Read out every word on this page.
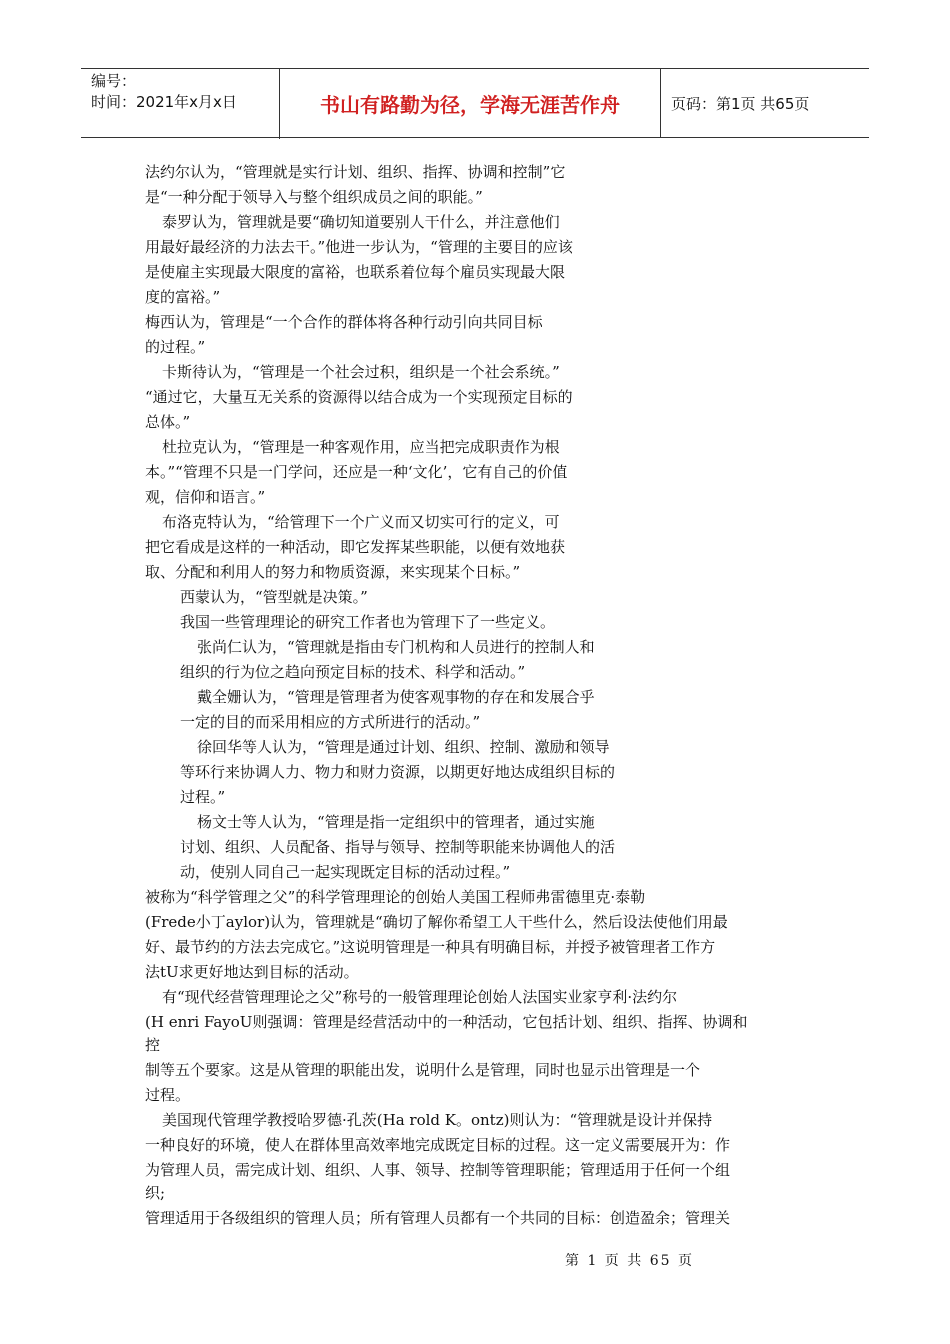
编号：
时间：2021年x月x日	书山有路勤为径，学海无涯苦作舟	页码：第1页 共65页
法约尔认为，“管理就是实行计划、组织、指挥、协调和控制”它
是“一种分配于领导入与整个组织成员之间的职能。”
泰罗认为，管理就是要“确切知道要别人干什么，并注意他们
用最好最经济的力法去干。”他进一步认为，“管理的主要目的应该
是使雇主实现最大限度的富裕，也联系着位每个雇员实现最大限
度的富裕。”
梅西认为，管理是“一个合作的群体将各种行动引向共同目标
的过程。”
卡斯待认为，“管理是一个社会过积，组织是一个社会系统。”
“通过它，大量互无关系的资源得以结合成为一个实现预定目标的
总体。”
杜拉克认为，“管理是一种客观作用，应当把完成职责作为根
本。”“管理不只是一门学问，还应是一种‘文化’，它有自己的价值
观，信仰和语言。”
布洛克特认为，“给管理下一个广义而又切实可行的定义，可
把它看成是这样的一种活动，即它发挥某些职能，以便有效地获
取、分配和利用人的努力和物质资源，来实现某个日标。”
西蒙认为，“管型就是决策。”
我国一些管理理论的研究工作者也为管理下了一些定义。
张尚仁认为，“管理就是指由专门机构和人员进行的控制人和
组织的行为位之趋向预定目标的技术、科学和活动。”
戴全姗认为，“管理是管理者为使客观事物的存在和发展合乎
一定的目的而采用相应的方式所进行的活动。”
徐回华等人认为，“管理是通过计划、组织、控制、激励和领导
等环行来协调人力、物力和财力资源，以期更好地达成组织目标的
过程。”
杨文士等人认为，“管理是指一定组织中的管理者，通过实施
讨划、组织、人员配备、指导与领导、控制等职能来协调他人的活
动，使别人同自己一起实现既定目标的活动过程。”
被称为“科学管理之父”的科学管理理论的创始人美国工程师弗雷德里克·泰勒
(Frede小丁aylor)认为，管理就是“确切了解你希望工人干些什么，然后设法使他们用最
好、最节约的方法去完成它。”这说明管理是一种具有明确目标，并授予被管理者工作方
法tU求更好地达到目标的活动。
有“现代经营管理理论之父”称号的一般管理理论创始人法国实业家亨利·法约尔
(H enri FayoU则强调：管理是经营活动中的一种活动，它包括计划、组织、指挥、协调和
控
制等五个要家。这是从管理的职能出发，说明什么是管理，同时也显示出管理是一个
过程。
美国现代管理学教授哈罗德·孔茨(Ha rold K。ontz)则认为：“管理就是设计并保持
一种良好的环境，使人在群体里高效率地完成既定目标的过程。这一定义需要展开为：作
为管理人员，需完成计划、组织、人事、领导、控制等管理职能；管理适用于任何一个组
织;
管理适用于各级组织的管理人员；所有管理人员都有一个共同的目标：创造盈余；管理关
第 1 页 共 65 页
